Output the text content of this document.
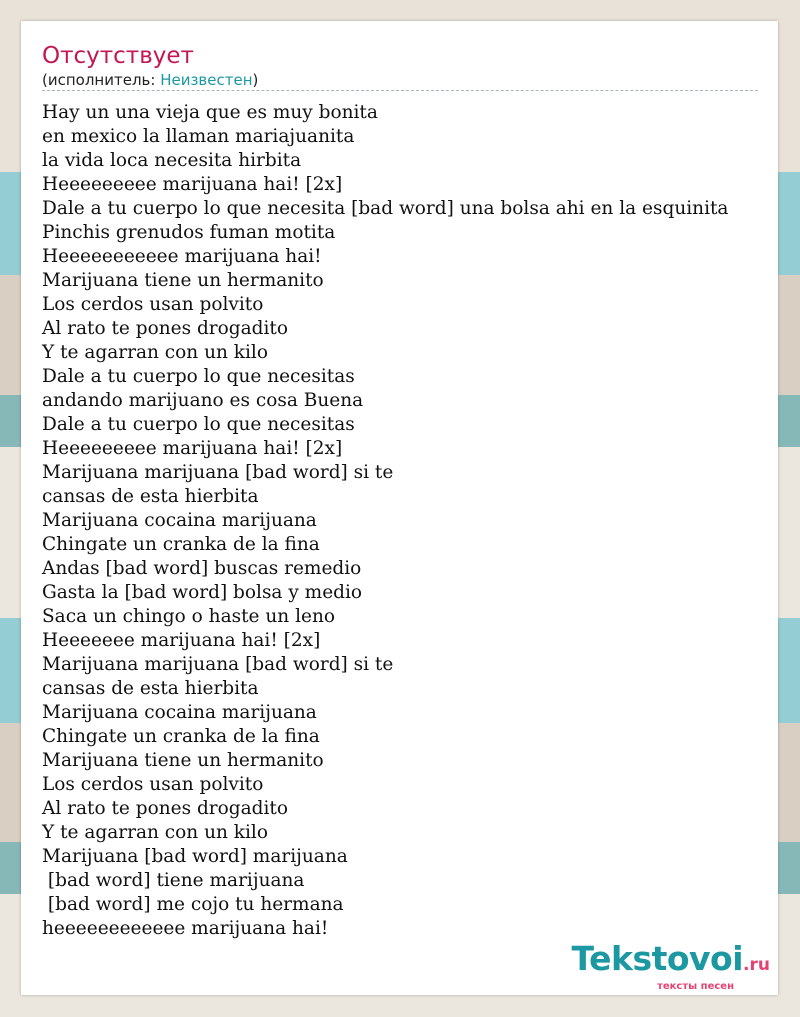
Отсутствует
(исполнитель: Неизвестен)
Hay un una vieja que es muy bonita
en mexico la llaman mariajuanita
la vida loca necesita hirbita
Heeeeeeeee marijuana hai! [2x]
Dale a tu cuerpo lo que necesita [bad word] una bolsa ahi en la esquinita
Pinchis grenudos fuman motita
Heeeeeeeeeee marijuana hai!
Marijuana tiene un hermanito
Los cerdos usan polvito
Al rato te pones drogadito
Y te agarran con un kilo
Dale a tu cuerpo lo que necesitas
andando marijuano es cosa Buena
Dale a tu cuerpo lo que necesitas
Heeeeeeeee marijuana hai! [2x]
Marijuana marijuana [bad word] si te
cansas de esta hierbita
Marijuana cocaina marijuana
Chingate un cranka de la fina
Andas [bad word] buscas remedio
Gasta la [bad word] bolsa y medio
Saca un chingo o haste un leno
Heeeeeee marijuana hai! [2x]
Marijuana marijuana [bad word] si te
cansas de esta hierbita
Marijuana cocaina marijuana
Chingate un cranka de la fina
Marijuana tiene un hermanito
Los cerdos usan polvito
Al rato te pones drogadito
Y te agarran con un kilo
Marijuana [bad word] marijuana
[bad word] tiene marijuana
[bad word] me cojo tu hermana
heeeeeeeeeeee marijuana hai!
Tekstovoi.ru
тексты песен
